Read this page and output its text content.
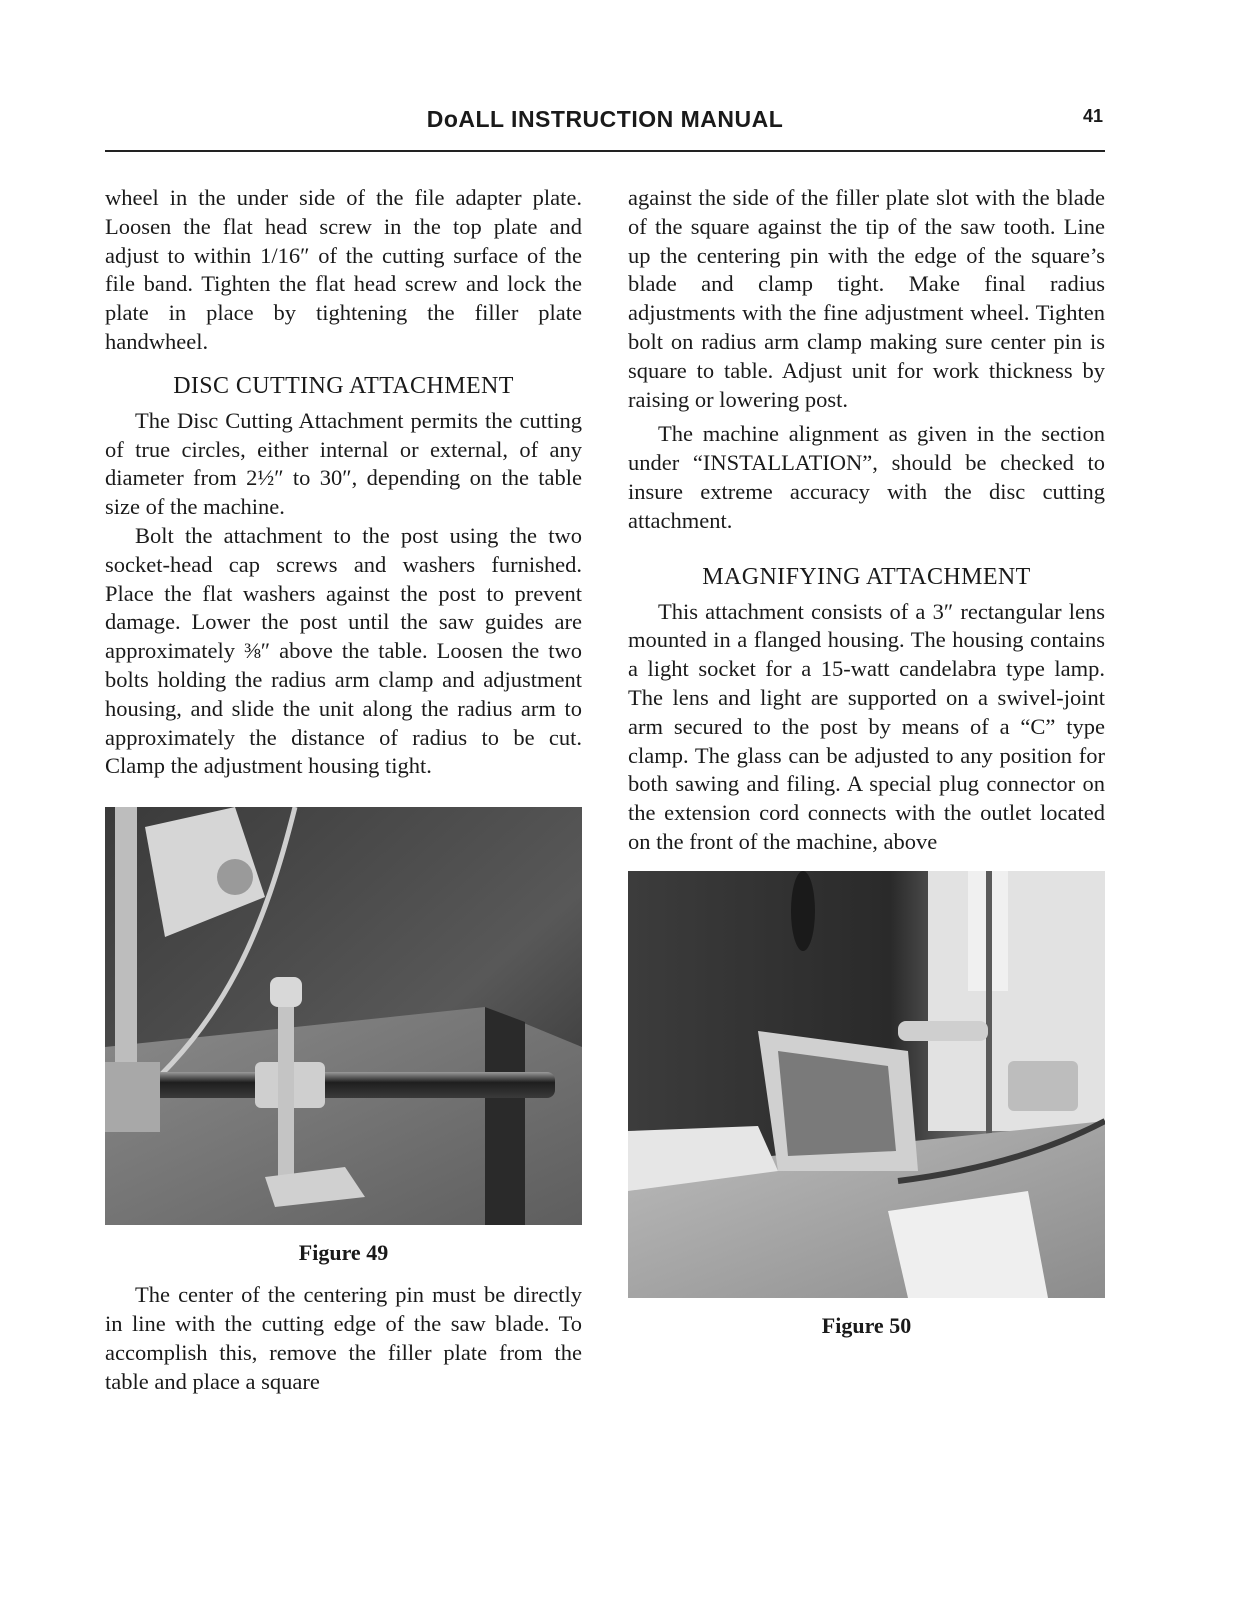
DoALL INSTRUCTION MANUAL	41

wheel in the under side of the file adapter plate. Loosen the flat head screw in the top plate and adjust to within 1/16″ of the cutting surface of the file band. Tighten the flat head screw and lock the plate in place by tightening the filler plate handwheel.

DISC CUTTING ATTACHMENT

The Disc Cutting Attachment permits the cutting of true circles, either internal or external, of any diameter from 2½″ to 30″, depending on the table size of the machine.

Bolt the attachment to the post using the two socket-head cap screws and washers furnished. Place the flat washers against the post to prevent damage. Lower the post until the saw guides are approximately ⅜″ above the table. Loosen the two bolts holding the radius arm clamp and adjustment housing, and slide the unit along the radius arm to approximately the distance of radius to be cut. Clamp the adjustment housing tight.

Figure 49

The center of the centering pin must be directly in line with the cutting edge of the saw blade. To accomplish this, remove the filler plate from the table and place a square

against the side of the filler plate slot with the blade of the square against the tip of the saw tooth. Line up the centering pin with the edge of the square’s blade and clamp tight. Make final radius adjustments with the fine adjustment wheel. Tighten bolt on radius arm clamp making sure center pin is square to table. Adjust unit for work thickness by raising or lowering post.

The machine alignment as given in the section under “INSTALLATION”, should be checked to insure extreme accuracy with the disc cutting attachment.

MAGNIFYING ATTACHMENT

This attachment consists of a 3″ rectangular lens mounted in a flanged housing. The housing contains a light socket for a 15-watt candelabra type lamp. The lens and light are supported on a swivel-joint arm secured to the post by means of a “C” type clamp. The glass can be adjusted to any position for both sawing and filing. A special plug connector on the extension cord connects with the outlet located on the front of the machine, above

Figure 50
